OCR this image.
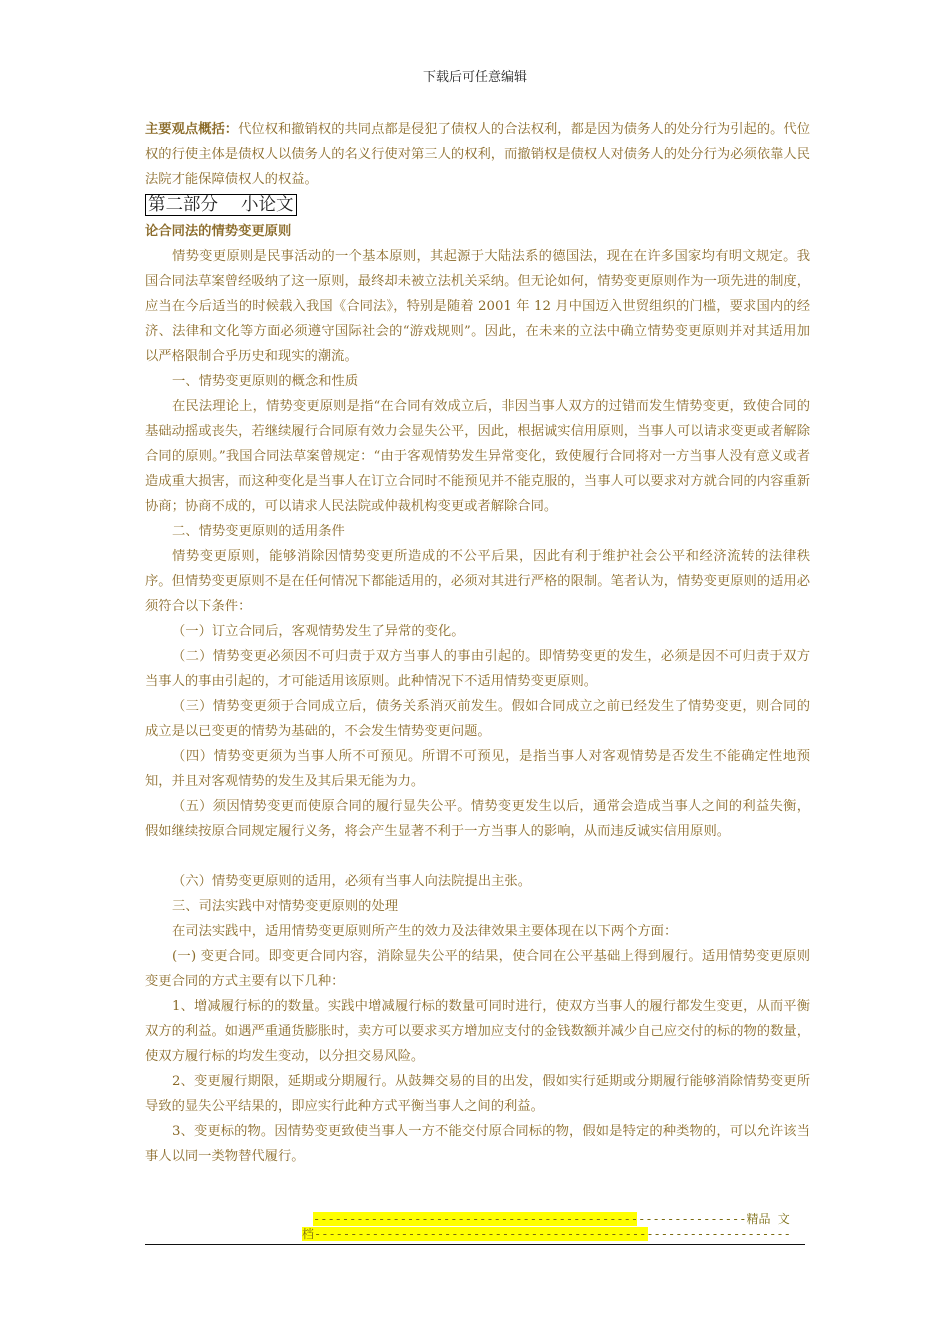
下载后可任意编辑

主要观点概括：代位权和撤销权的共同点都是侵犯了债权人的合法权利，都是因为债务人的处分行为引起的。代位权的行使主体是债权人以债务人的名义行使对第三人的权利，而撤销权是债权人对债务人的处分行为必须依靠人民法院才能保障债权人的权益。

第二部分　 小论文

论合同法的情势变更原则

情势变更原则是民事活动的一个基本原则，其起源于大陆法系的德国法，现在在许多国家均有明文规定。我国合同法草案曾经吸纳了这一原则，最终却未被立法机关采纳。但无论如何，情势变更原则作为一项先进的制度，应当在今后适当的时候载入我国《合同法》，特别是随着 2001 年 12 月中国迈入世贸组织的门槛，要求国内的经济、法律和文化等方面必须遵守国际社会的“游戏规则”。因此，在未来的立法中确立情势变更原则并对其适用加以严格限制合乎历史和现实的潮流。

一、情势变更原则的概念和性质

在民法理论上，情势变更原则是指“在合同有效成立后，非因当事人双方的过错而发生情势变更，致使合同的基础动摇或丧失，若继续履行合同原有效力会显失公平，因此，根据诚实信用原则，当事人可以请求变更或者解除合同的原则。”我国合同法草案曾规定：“由于客观情势发生异常变化，致使履行合同将对一方当事人没有意义或者造成重大损害，而这种变化是当事人在订立合同时不能预见并不能克服的，当事人可以要求对方就合同的内容重新协商；协商不成的，可以请求人民法院或仲裁机构变更或者解除合同。

二、情势变更原则的适用条件

情势变更原则，能够消除因情势变更所造成的不公平后果，因此有利于维护社会公平和经济流转的法律秩序。但情势变更原则不是在任何情况下都能适用的，必须对其进行严格的限制。笔者认为，情势变更原则的适用必须符合以下条件：

（一）订立合同后，客观情势发生了异常的变化。

（二）情势变更必须因不可归责于双方当事人的事由引起的。即情势变更的发生，必须是因不可归责于双方当事人的事由引起的，才可能适用该原则。此种情况下不适用情势变更原则。

（三）情势变更须于合同成立后，债务关系消灭前发生。假如合同成立之前已经发生了情势变更，则合同的成立是以已变更的情势为基础的，不会发生情势变更问题。

（四）情势变更须为当事人所不可预见。所谓不可预见，是指当事人对客观情势是否发生不能确定性地预知，并且对客观情势的发生及其后果无能为力。

（五）须因情势变更而使原合同的履行显失公平。情势变更发生以后，通常会造成当事人之间的利益失衡，假如继续按原合同规定履行义务，将会产生显著不利于一方当事人的影响，从而违反诚实信用原则。

（六）情势变更原则的适用，必须有当事人向法院提出主张。

三、司法实践中对情势变更原则的处理

在司法实践中，适用情势变更原则所产生的效力及法律效果主要体现在以下两个方面：

(一) 变更合同。即变更合同内容，消除显失公平的结果，使合同在公平基础上得到履行。适用情势变更原则变更合同的方式主要有以下几种：

1、增减履行标的的数量。实践中增减履行标的数量可同时进行，使双方当事人的履行都发生变更，从而平衡双方的利益。如遇严重通货膨胀时，卖方可以要求买方增加应支付的金钱数额并减少自己应交付的标的物的数量，使双方履行标的均发生变动，以分担交易风险。

2、变更履行期限，延期或分期履行。从鼓舞交易的目的出发，假如实行延期或分期履行能够消除情势变更所导致的显失公平结果的，即应实行此种方式平衡当事人之间的利益。

3、变更标的物。因情势变更致使当事人一方不能交付原合同标的物，假如是特定的种类物的，可以允许该当事人以同一类物替代履行。

------------------------------------------------------------精品 文
档------------------------------------------------------------------
